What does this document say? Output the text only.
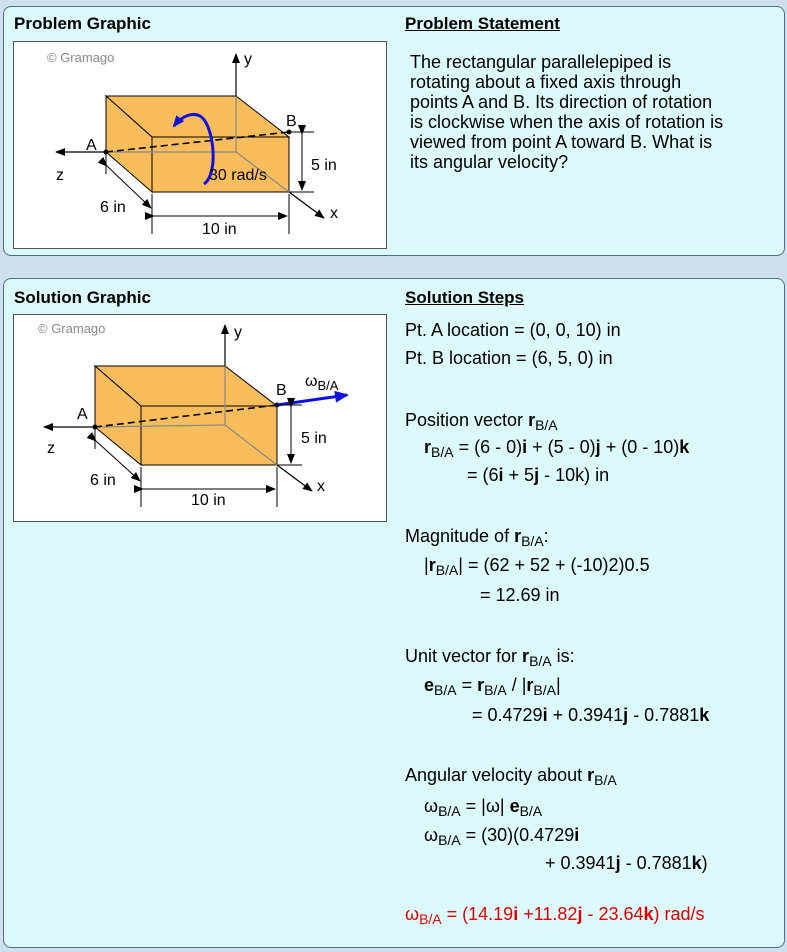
Problem Graphic	Problem Statement
© Gramago	y
z
x
A
B
30 rad/s
5 in
6 in
10 in
The rectangular parallelepiped is
rotating about a fixed axis through
points A and B. Its direction of rotation
is clockwise when the axis of rotation is
viewed from point A toward B. What is
its angular velocity?
Solution Graphic	Solution Steps
© Gramago	y
z
x
A
B
$\omega_{B/A}$
5 in
6 in
10 in
Pt. A location = (0, 0, 10) in
Pt. B location = (6, 5, 0) in
Position vector $r_{B/A}$
$r_{B/A} = (6 - 0)i + (5 - 0)j + (0 - 10)k$
= (6i + 5j - 10k) in
Magnitude of $r_{B/A}$:
$|r_{B/A}| = (62 + 52 + (-10)2)0.5$
= 12.69 in
Unit vector for $r_{B/A}$ is:
$e_{B/A} = r_{B/A} / |r_{B/A}|$
= 0.4729i + 0.3941j - 0.7881k
Angular velocity about $r_{B/A}$
$\omega_{B/A} = |\omega|$ $e_{B/A}$
$\omega_{B/A} = (30)(0.4729i$
+ 0.3941j - 0.7881k)
$\omega_{B/A} = (14.19i +11.82j - 23.64k)$ rad/s
